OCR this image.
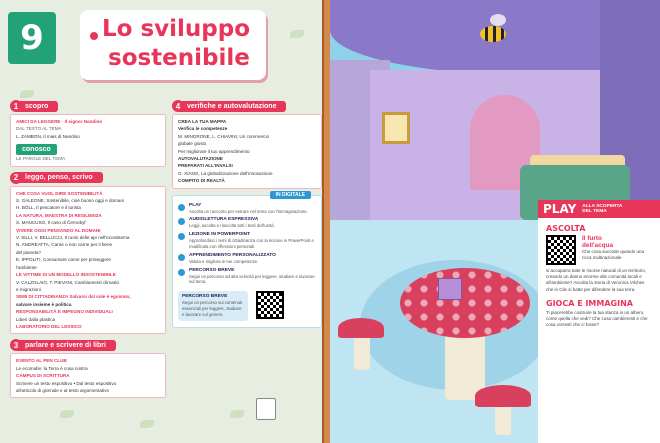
9	Lo sviluppo
sostenibile
1 scopro
AMICI DA LEGGERE · Il signor Nandino
DAL TESTO AL TEMA
L. ZAMBON, Il mais di Nandino
conosco
LE PAROLE DEL TEMA
2 leggo, penso, scrivo
CHE COSA VUOL DIRE SOSTENIBILITÀ
S. GALEONE, Sostenibile, cioè buono oggi e domani
H. BÖLL, Il pescatore e il turista
LA NATURA, MAESTRA DI RESILIENZA
S. MANCUSO, Il caso di Černobyl'
VIVERE OGGI PENSANDO AL DOMANI
V. SILLI, V. BELLUCCI, Il ruolo delle api nell'ecosistema
N. ANDREATTA, Carne o non carne per il bene
del pianeta?
E. IPPOLITI, Consumare carne per proteggere
l'ambiente
LE VITTIME DI UN MODELLO INSOSTENIBILE
V. CALZOLAIO, T. PIEVANI, Cambiamenti climatici
e migrazioni
SEMI DI CITTADINANZA Salvarsi dal sole è egoismo,
salvare insieme è politica
RESPONSABILITÀ E IMPEGNO INDIVIDUALI
Liberi dalla plastica
LABORATORIO DEL LESSICO
3 parlare e scrivere di libri
EVENTO AL PEN CLUB
Le ecomafie: la Terra è cosa nostra
CAMPUS DI SCRITTURA
Scrivere un testo espositivo • Dal testo espositivo
all'articolo di giornale e al testo argomentativo
4 verifiche e autovalutazione
CREA LA TUA MAPPA
Verifica le competenze
M. MINGRONE, L. CHIAVINI, Un commercio
globale giusto
Per migliorare il tuo apprendimento
AUTOVALUTAZIONE
PREPARATI ALL'INVALSI
G. XIANG, La globalizzazione dell'innovazione
COMPITO DI REALTÀ
IN DIGITALE
PLAY
Ascolta un racconto per entrare nel tema con l'immaginazione.
AUDIOLETTURA ESPRESSIVA
Leggi, ascolta e riascolta tutti i testi dell'unità.
LEZIONE IN POWERPOINT
Approfondisci i temi di cittadinanza con la lezione in PowerPoint e modificala con riflessioni personali.
APPRENDIMENTO PERSONALIZZATO
Valuta e migliora le tue competenze.
PERCORSO BREVE
Segui un percorso ad alta velocità per leggere, studiare e lavorare sul tema.
PERCORSO BREVE
Segui un percorso sui contenuti essenziali per leggere, studiare e lavorare sul genere.
PLAY ALLA SCOPERTA
DEL TEMA
ASCOLTA
Il furto
dell'acqua
Che cosa succede quando una ricca multinazionale
si accaparra tutte le risorse naturali di un territorio, creando un danno enorme alle comunità locali e all'ambiente? Ascolta la storia di Veronica Vilches che in Cile si batte per difendere la sua terra.
GIOCA E IMMAGINA
Ti piacerebbe costruire la tua stanza in un albero, come quella che vedi? Che cosa cambieresti e che cosa vorresti che ci fosse?
